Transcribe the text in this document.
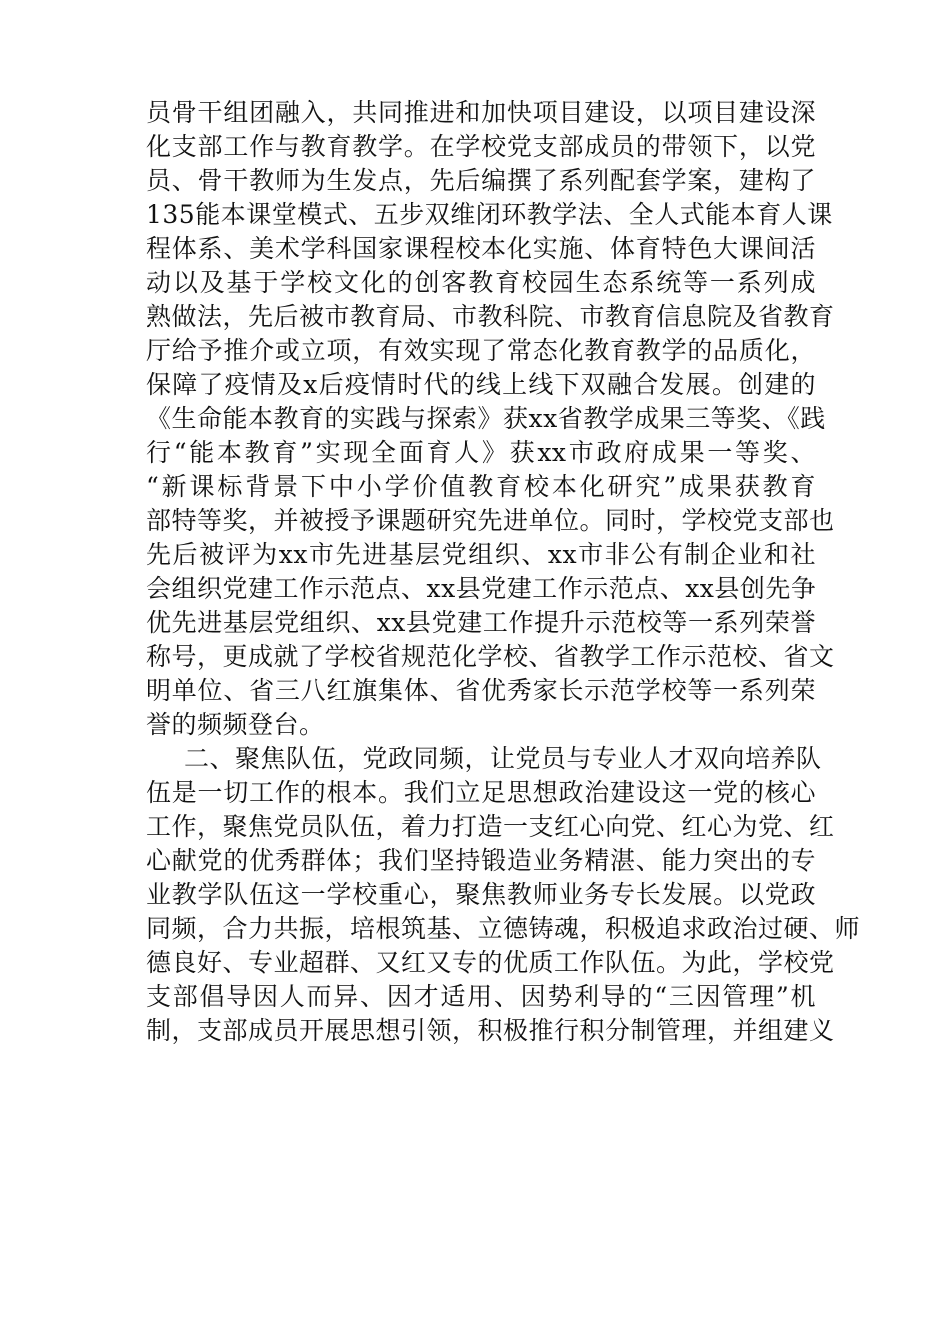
员骨干组团融入，共同推进和加快项目建设，以项目建设深
化支部工作与教育教学。在学校党支部成员的带领下，以党
员、骨干教师为生发点，先后编撰了系列配套学案，建构了
135能本课堂模式、五步双维闭环教学法、全人式能本育人课
程体系、美术学科国家课程校本化实施、体育特色大课间活
动以及基于学校文化的创客教育校园生态系统等一系列成
熟做法，先后被市教育局、市教科院、市教育信息院及省教育
厅给予推介或立项，有效实现了常态化教育教学的品质化，
保障了疫情及x后疫情时代的线上线下双融合发展。创建的
《生命能本教育的实践与探索》获xx省教学成果三等奖、《践
行“能本教育”实现全面育人》获xx市政府成果一等奖、
“新课标背景下中小学价值教育校本化研究”成果获教育
部特等奖，并被授予课题研究先进单位。同时，学校党支部也
先后被评为xx市先进基层党组织、xx市非公有制企业和社
会组织党建工作示范点、xx县党建工作示范点、xx县创先争
优先进基层党组织、xx县党建工作提升示范校等一系列荣誉
称号，更成就了学校省规范化学校、省教学工作示范校、省文
明单位、省三八红旗集体、省优秀家长示范学校等一系列荣
誉的频频登台。
二、聚焦队伍，党政同频，让党员与专业人才双向培养队
伍是一切工作的根本。我们立足思想政治建设这一党的核心
工作，聚焦党员队伍，着力打造一支红心向党、红心为党、红
心献党的优秀群体；我们坚持锻造业务精湛、能力突出的专
业教学队伍这一学校重心，聚焦教师业务专长发展。以党政
同频，合力共振，培根筑基、立德铸魂，积极追求政治过硬、师
德良好、专业超群、又红又专的优质工作队伍。为此，学校党
支部倡导因人而异、因才适用、因势利导的“三因管理”机
制，支部成员开展思想引领，积极推行积分制管理，并组建义
